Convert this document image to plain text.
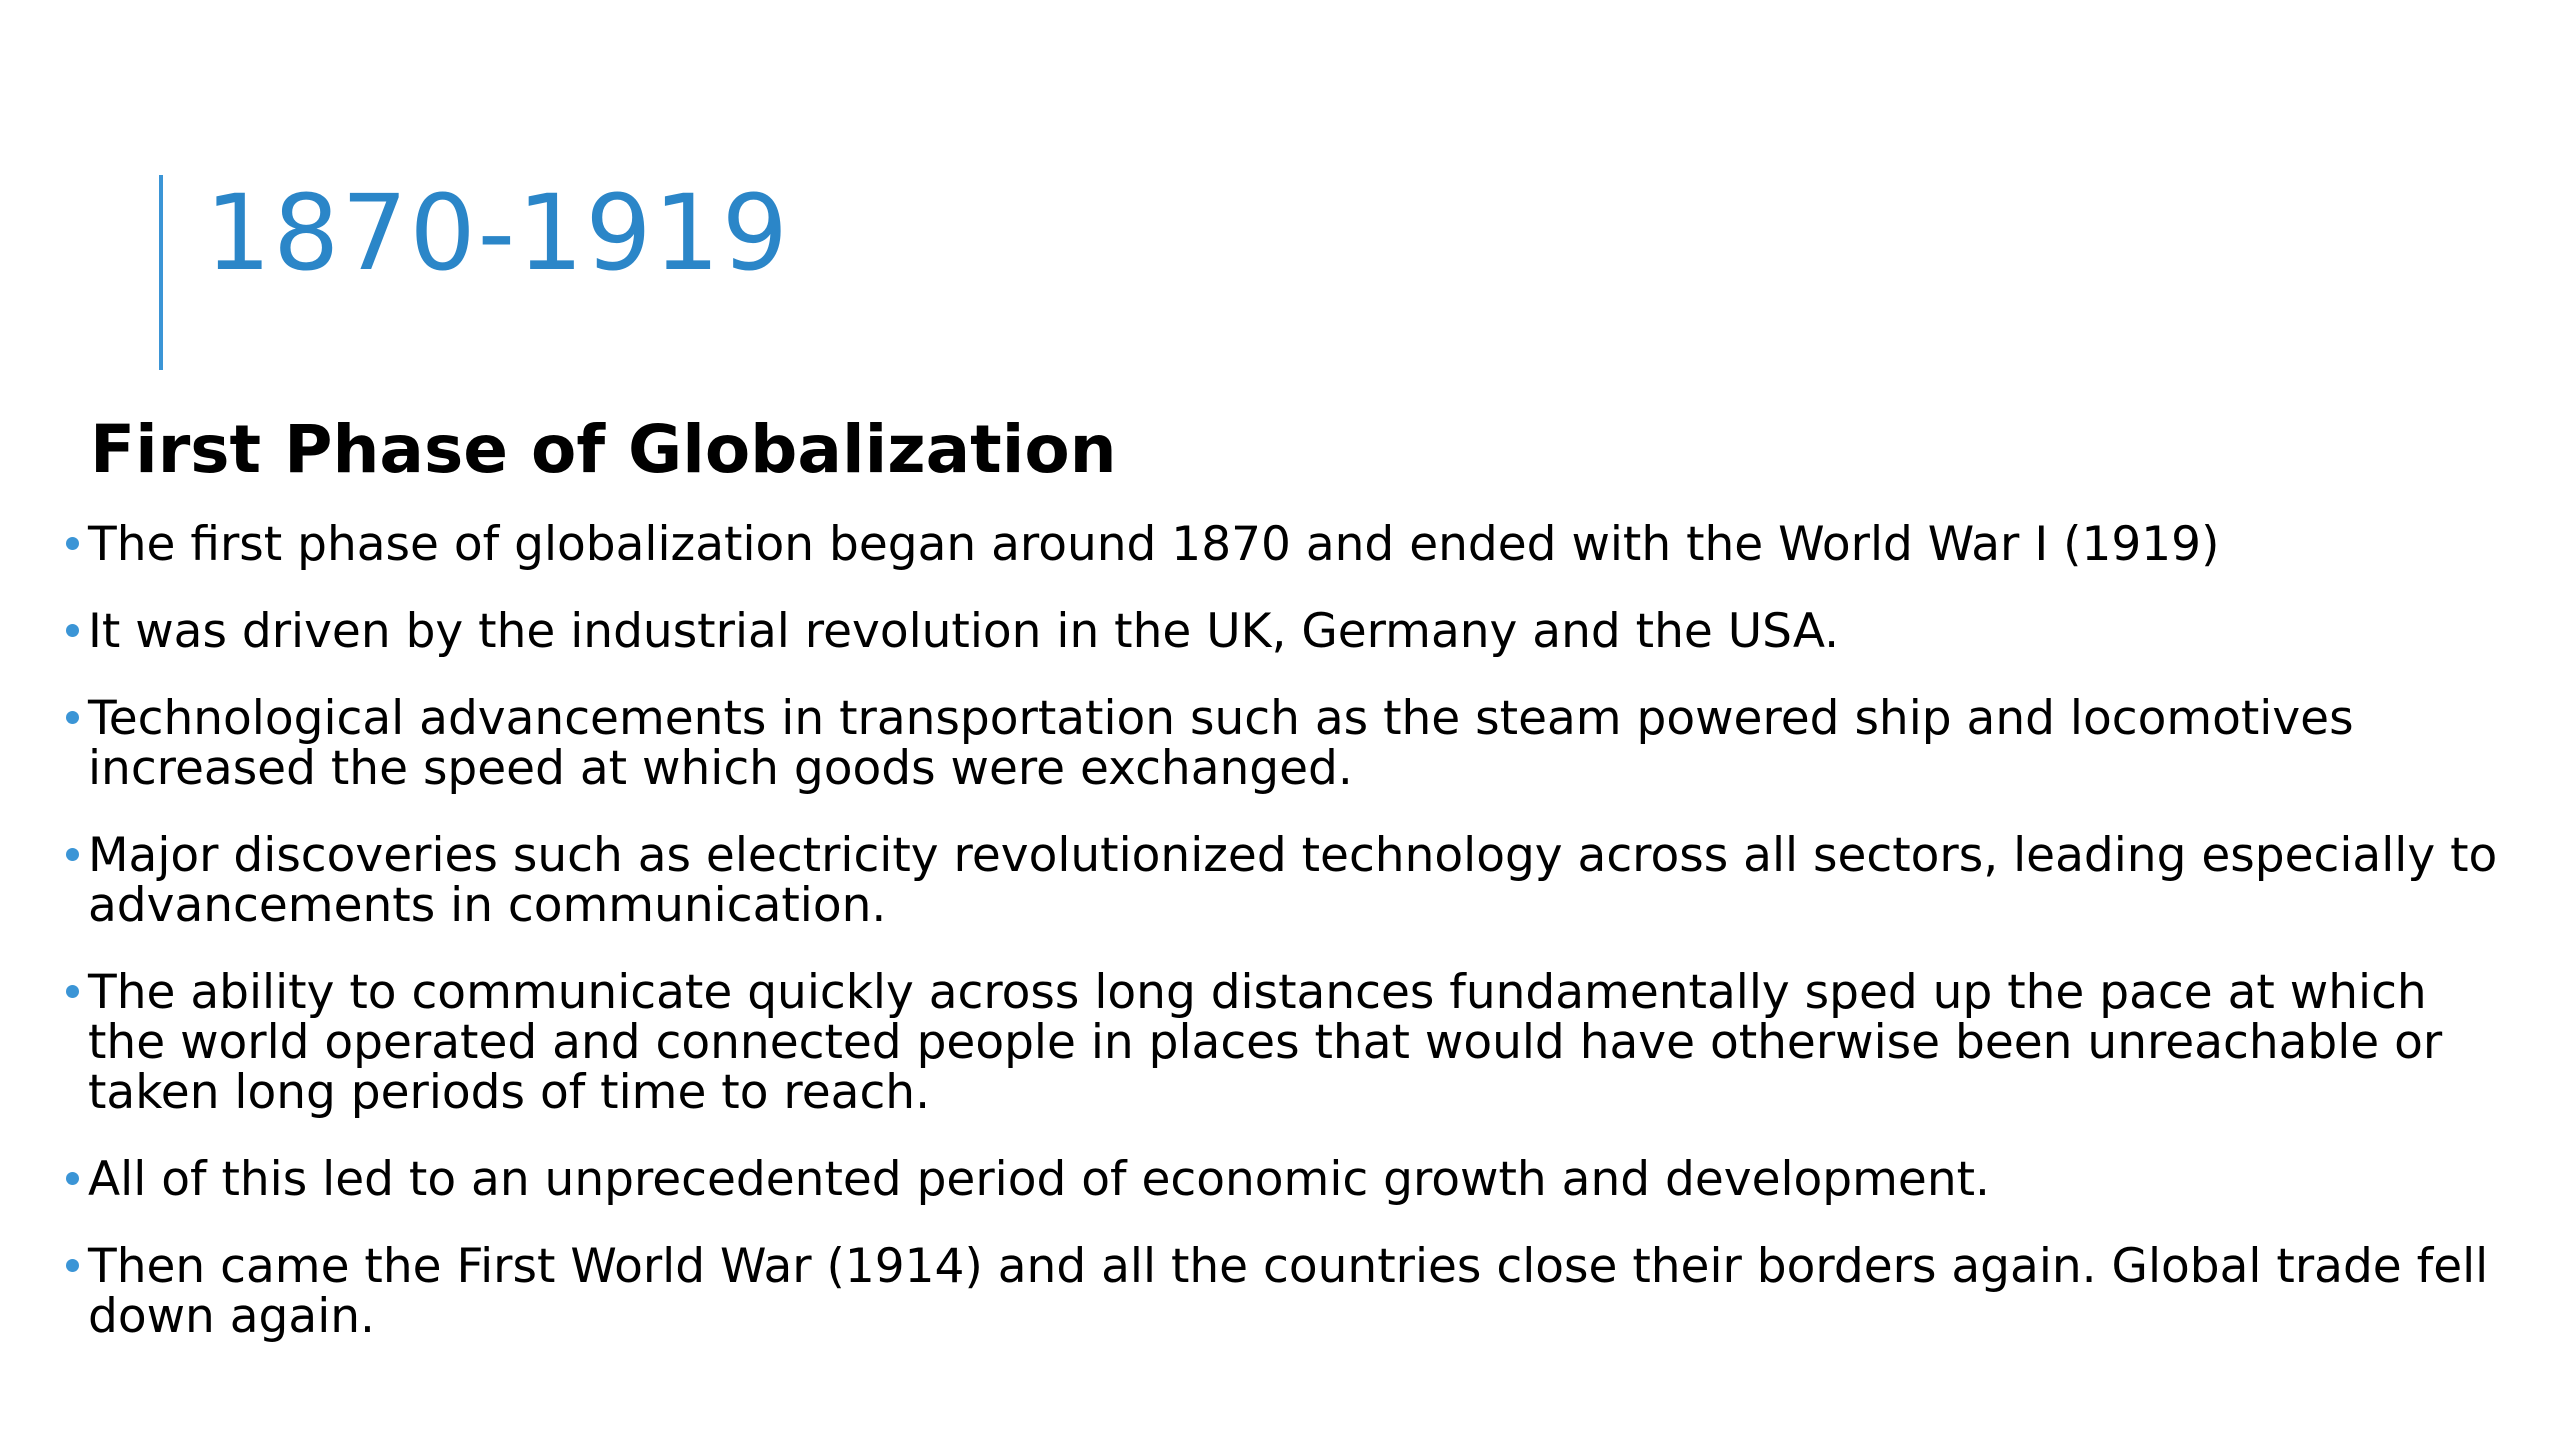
1870-1919
First Phase of Globalization
The first phase of globalization began around 1870 and ended with the World War I (1919)
It was driven by the industrial revolution in the UK, Germany and the USA.
Technological advancements in transportation such as the steam powered ship and locomotives increased the speed at which goods were exchanged.
Major discoveries such as electricity revolutionized technology across all sectors, leading especially to advancements in communication.
The ability to communicate quickly across long distances fundamentally sped up the pace at which the world operated and connected people in places that would have otherwise been unreachable or taken long periods of time to reach.
All of this led to an unprecedented period of economic growth and development.
Then came the First World War (1914) and all the countries close their borders again. Global trade fell down again.
